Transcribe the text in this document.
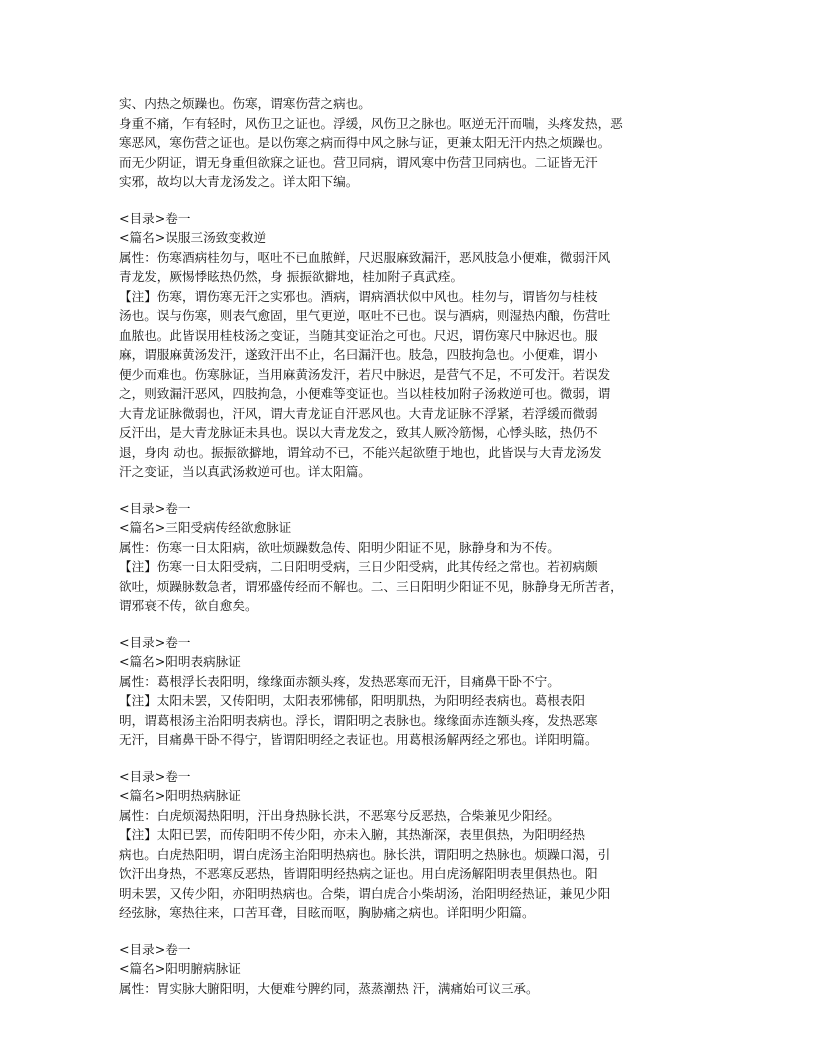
实、内热之烦躁也。伤寒，谓寒伤营之病也。
身重不痛，乍有轻时，风伤卫之证也。浮缓，风伤卫之脉也。呕逆无汗而喘，头疼发热，恶
寒恶风，寒伤营之证也。是以伤寒之病而得中风之脉与证，更兼太阳无汗内热之烦躁也。
而无少阴证，谓无身重但欲寐之证也。营卫同病，谓风寒中伤营卫同病也。二证皆无汗
实邪，故均以大青龙汤发之。详太阳下编。
<目录>卷一
<篇名>误服三汤致变救逆
属性：伤寒酒病桂勿与，呕吐不已血脓鲜，尺迟服麻致漏汗，恶风肢急小便难，微弱汗风
青龙发，厥惕悸眩热仍然，身 振振欲擗地，桂加附子真武痊。
【注】伤寒，谓伤寒无汗之实邪也。酒病，谓病酒状似中风也。桂勿与，谓皆勿与桂枝
汤也。误与伤寒，则表气愈固，里气更逆，呕吐不已也。误与酒病，则湿热内酿，伤营吐
血脓也。此皆误用桂枝汤之变证，当随其变证治之可也。尺迟，谓伤寒尺中脉迟也。服
麻，谓服麻黄汤发汗，遂致汗出不止，名曰漏汗也。肢急，四肢拘急也。小便难，谓小
便少而难也。伤寒脉证，当用麻黄汤发汗，若尺中脉迟，是营气不足，不可发汗。若误发
之，则致漏汗恶风，四肢拘急，小便难等变证也。当以桂枝加附子汤救逆可也。微弱，谓
大青龙证脉微弱也，汗风，谓大青龙证自汗恶风也。大青龙证脉不浮紧，若浮缓而微弱
反汗出，是大青龙脉证未具也。误以大青龙发之，致其人厥冷筋惕，心悸头眩，热仍不
退，身肉 动也。振振欲擗地，谓耸动不已，不能兴起欲堕于地也，此皆误与大青龙汤发
汗之变证，当以真武汤救逆可也。详太阳篇。
<目录>卷一
<篇名>三阳受病传经欲愈脉证
属性：伤寒一日太阳病，欲吐烦躁数急传、阳明少阳证不见，脉静身和为不传。
【注】伤寒一日太阳受病，二日阳明受病，三日少阳受病，此其传经之常也。若初病颇
欲吐，烦躁脉数急者，谓邪盛传经而不解也。二、三日阳明少阳证不见，脉静身无所苦者，
谓邪衰不传，欲自愈矣。
<目录>卷一
<篇名>阳明表病脉证
属性：葛根浮长表阳明，缘缘面赤额头疼，发热恶寒而无汗，目痛鼻干卧不宁。
【注】太阳未罢，又传阳明，太阳表邪怫郁，阳明肌热，为阳明经表病也。葛根表阳
明，谓葛根汤主治阳明表病也。浮长，谓阳明之表脉也。缘缘面赤连额头疼，发热恶寒
无汗，目痛鼻干卧不得宁，皆谓阳明经之表证也。用葛根汤解两经之邪也。详阳明篇。
<目录>卷一
<篇名>阳明热病脉证
属性：白虎烦渴热阳明，汗出身热脉长洪，不恶寒兮反恶热，合柴兼见少阳经。
【注】太阳已罢，而传阳明不传少阳，亦未入腑，其热渐深，表里俱热，为阳明经热
病也。白虎热阳明，谓白虎汤主治阳明热病也。脉长洪，谓阳明之热脉也。烦躁口渴，引
饮汗出身热，不恶寒反恶热，皆谓阳明经热病之证也。用白虎汤解阳明表里俱热也。阳
明未罢，又传少阳，亦阳明热病也。合柴，谓白虎合小柴胡汤，治阳明经热证，兼见少阳
经弦脉，寒热往来，口苦耳聋，目眩而呕，胸胁痛之病也。详阳明少阳篇。
<目录>卷一
<篇名>阳明腑病脉证
属性：胃实脉大腑阳明，大便难兮脾约同，蒸蒸潮热 汗，满痛始可议三承。
